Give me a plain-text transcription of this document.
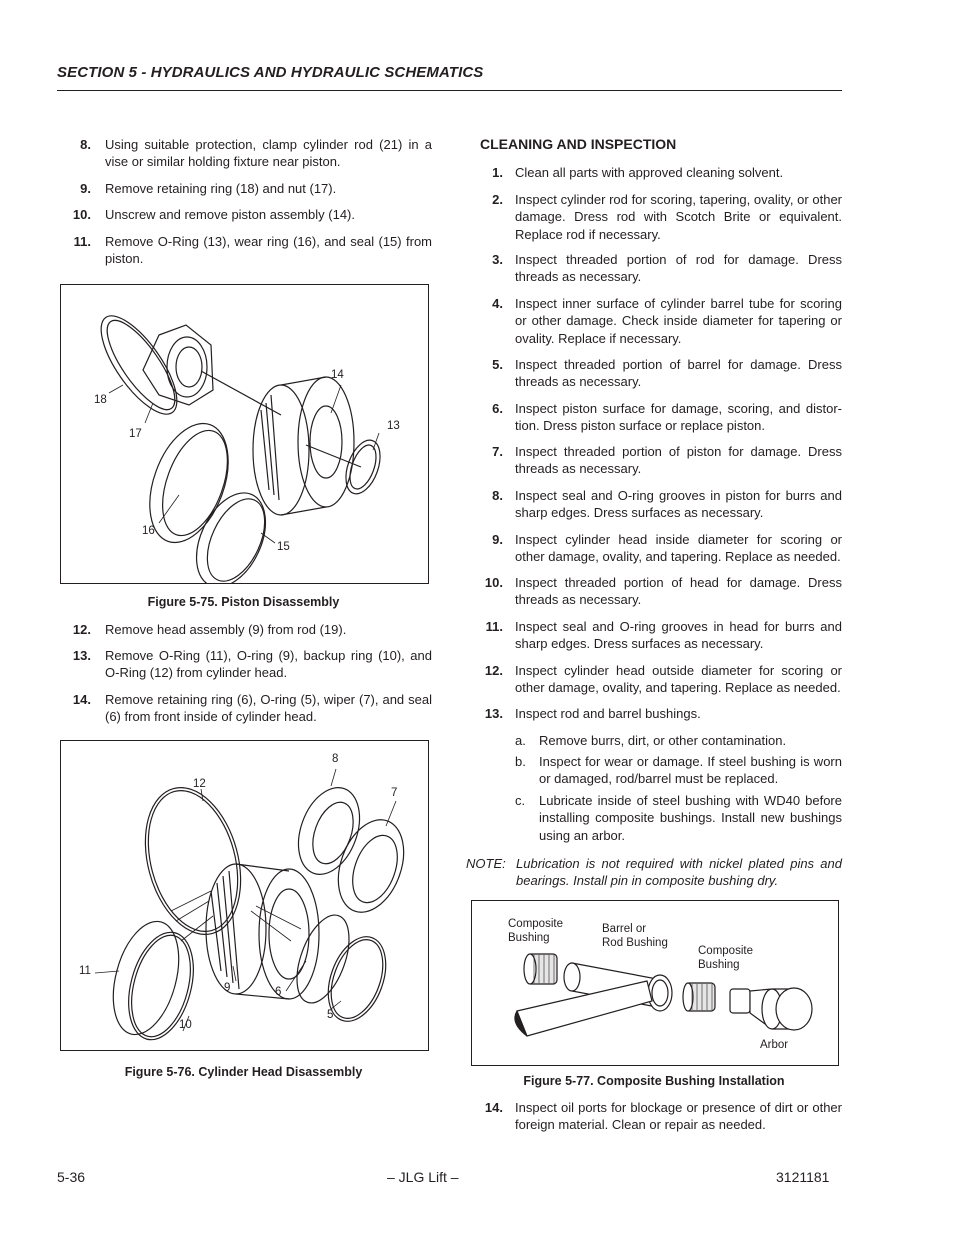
SECTION 5 - HYDRAULICS AND HYDRAULIC SCHEMATICS
8. Using suitable protection, clamp cylinder rod (21) in a vise or similar holding fixture near piston.
9. Remove retaining ring (18) and nut (17).
10. Unscrew and remove piston assembly (14).
11. Remove O-Ring (13), wear ring (16), and seal (15) from piston.
18
17
14
13
16
15
Figure 5-75. Piston Disassembly
12. Remove head assembly (9) from rod (19).
13. Remove O-Ring (11), O-ring (9), backup ring (10), and O-Ring (12) from cylinder head.
14. Remove retaining ring (6), O-ring (5), wiper (7), and seal (6) from front inside of cylinder head.
12
8
7
11
9	6
5
10
Figure 5-76. Cylinder Head Disassembly
CLEANING AND INSPECTION
1. Clean all parts with approved cleaning solvent.
2. Inspect cylinder rod for scoring, tapering, ovality, or other damage. Dress rod with Scotch Brite or equivalent. Replace rod if necessary.
3. Inspect threaded portion of rod for damage. Dress threads as necessary.
4. Inspect inner surface of cylinder barrel tube for scoring or other damage. Check inside diameter for tapering or ovality. Replace if necessary.
5. Inspect threaded portion of barrel for damage. Dress threads as necessary.
6. Inspect piston surface for damage, scoring, and distortion. Dress piston surface or replace piston.
7. Inspect threaded portion of piston for damage. Dress threads as necessary.
8. Inspect seal and O-ring grooves in piston for burrs and sharp edges. Dress surfaces as necessary.
9. Inspect cylinder head inside diameter for scoring or other damage, ovality, and tapering. Replace as needed.
10. Inspect threaded portion of head for damage. Dress threads as necessary.
11. Inspect seal and O-ring grooves in head for burrs and sharp edges. Dress surfaces as necessary.
12. Inspect cylinder head outside diameter for scoring or other damage, ovality, and tapering. Replace as needed.
13. Inspect rod and barrel bushings.
a.	Remove burrs, dirt, or other contamination.
b.	Inspect for wear or damage. If steel bushing is worn or damaged, rod/barrel must be replaced.
c.	Lubricate inside of steel bushing with WD40 before installing composite bushings. Install new bushings using an arbor.
NOTE: Lubrication is not required with nickel plated pins and bearings. Install pin in composite bushing dry.
Composite
Bushing
Barrel or
Rod Bushing
Composite
Bushing
Arbor
Figure 5-77. Composite Bushing Installation
14. Inspect oil ports for blockage or presence of dirt or other foreign material. Clean or repair as needed.
5-36	– JLG Lift –	3121181
